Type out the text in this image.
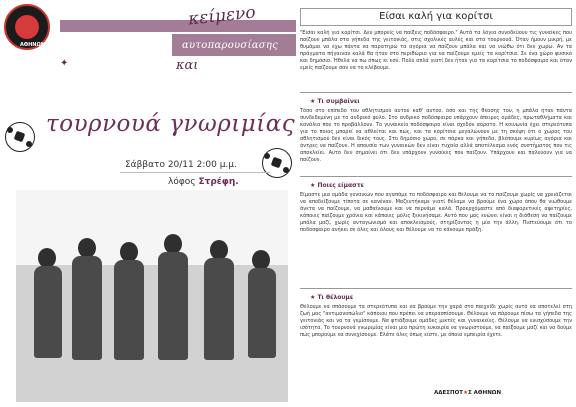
ΑΘΗΝΩΝ
κείμενο
αυτοπαρουσίασης
και
✦
τουρνουά γνωριμίας
Σάββατο 20/11 2:00 μ.μ.
λόφος Στρέφη.
Είσαι καλή για κορίτσι
"Είσαι καλή για κορίτσι. Δεν μπορείς να παίξεις ποδόσφαιρο." Αυτά τα λόγια συνοδεύουν τις γυναίκες που παίζουν μπάλα στα γήπεδα της γειτονιάς, στις σχολικές αυλές και στα τουρνουά. Όταν ήμουν μικρή, με θυμάμαι να έχω πάντα να παρατηρώ τα αγόρια να παίζουν μπάλα και να νιώθω ότι δεν χωρώ. Αν τα πράγματα πήγαιναν καλά θα ήταν στο περιθώριο για να παίζουμε εμείς τα κορίτσια. Σε ένα χώρο φυσικό και δημόσιο. Ήθελα να πω όπως κι εσύ. Πολύ απλά γιατί δεν ήταν για τα κορίτσια το ποδόσφαιρο και όταν εμείς παίζουμε σαν να το κλέβουμε.
★ Τι συμβαίνει
Τόσο στο επίπεδο του αθλητισμού αυτού καθ' αυτού, όσο και της θέασης του, η μπάλα ήταν πάντα συνδεδεμένη με το ανδρικό φύλο. Στο ανδρικό ποδόσφαιρο υπάρχουν άπειρες ομάδες, πρωταθλήματα και κανάλια που το προβάλλουν. Το γυναικείο ποδόσφαιρο είναι σχεδόν αόρατο. Η κοινωνία έχει στερεότυπα για το ποιος μπορεί να αθλείται και πώς, και τα κορίτσια μεγαλώνουν με τη σκέψη ότι ο χώρος του αθλητισμού δεν είναι δικός τους. Στο δημόσιο χώρο, σε πάρκα και γήπεδα, βλέπουμε κυρίως αγόρια και άντρες να παίζουν. Η απουσία των γυναικών δεν είναι τυχαία αλλά αποτέλεσμα ενός συστήματος που τις αποκλείει. Αυτό δεν σημαίνει ότι δεν υπάρχουν γυναίκες που παίζουν. Υπάρχουν και παλεύουν για να παίζουν.
★ Ποιες είμαστε
Είμαστε μια ομάδα γυναικών που αγαπάμε το ποδόσφαιρο και θέλουμε να το παίζουμε χωρίς να χρειάζεται να αποδείξουμε τίποτα σε κανέναν. Μαζευτήκαμε γιατί θέλαμε να βρούμε ένα χώρο όπου θα νιώθουμε άνετα να παίζουμε, να μαθαίνουμε και να περνάμε καλά. Προερχόμαστε από διαφορετικές αφετηρίες, κάποιες παίζουμε χρόνια και κάποιες μόλις ξεκινήσαμε. Αυτό που μας ενώνει είναι η διάθεση να παίζουμε μπάλα μαζί, χωρίς ανταγωνισμό και αποκλεισμούς, στηρίζοντας η μία την άλλη. Πιστεύουμε ότι το ποδόσφαιρο ανήκει σε όλες και όλους και θέλουμε να το κάνουμε πράξη.
★ Τι θέλουμε
Θέλουμε να σπάσουμε τα στερεότυπα και να βρούμε την χαρά στο παιχνίδι χωρίς αυτό να αποτελεί στη ζωή μας "αντιμονοπώλιο" κάποιου που πρέπει να υπερασπίσουμε. Θέλουμε να πάρουμε πίσω τα γήπεδα της γειτονιάς και να τα γεμίσουμε. Να φτιάξουμε ομάδες μικτές και γυναικείες. Θέλουμε να ενισχύσουμε την ισότητα. Το τουρνουά γνωριμίας είναι μια πρώτη ευκαιρία να γνωριστούμε, να παίξουμε μαζί και να δούμε πώς μπορούμε να συνεχίσουμε. Ελάτε όλες όπως είστε, με όποια εμπειρία έχετε.
ΑΔΕΣΠΟΤ★Σ ΑΘΗΝΩΝ
